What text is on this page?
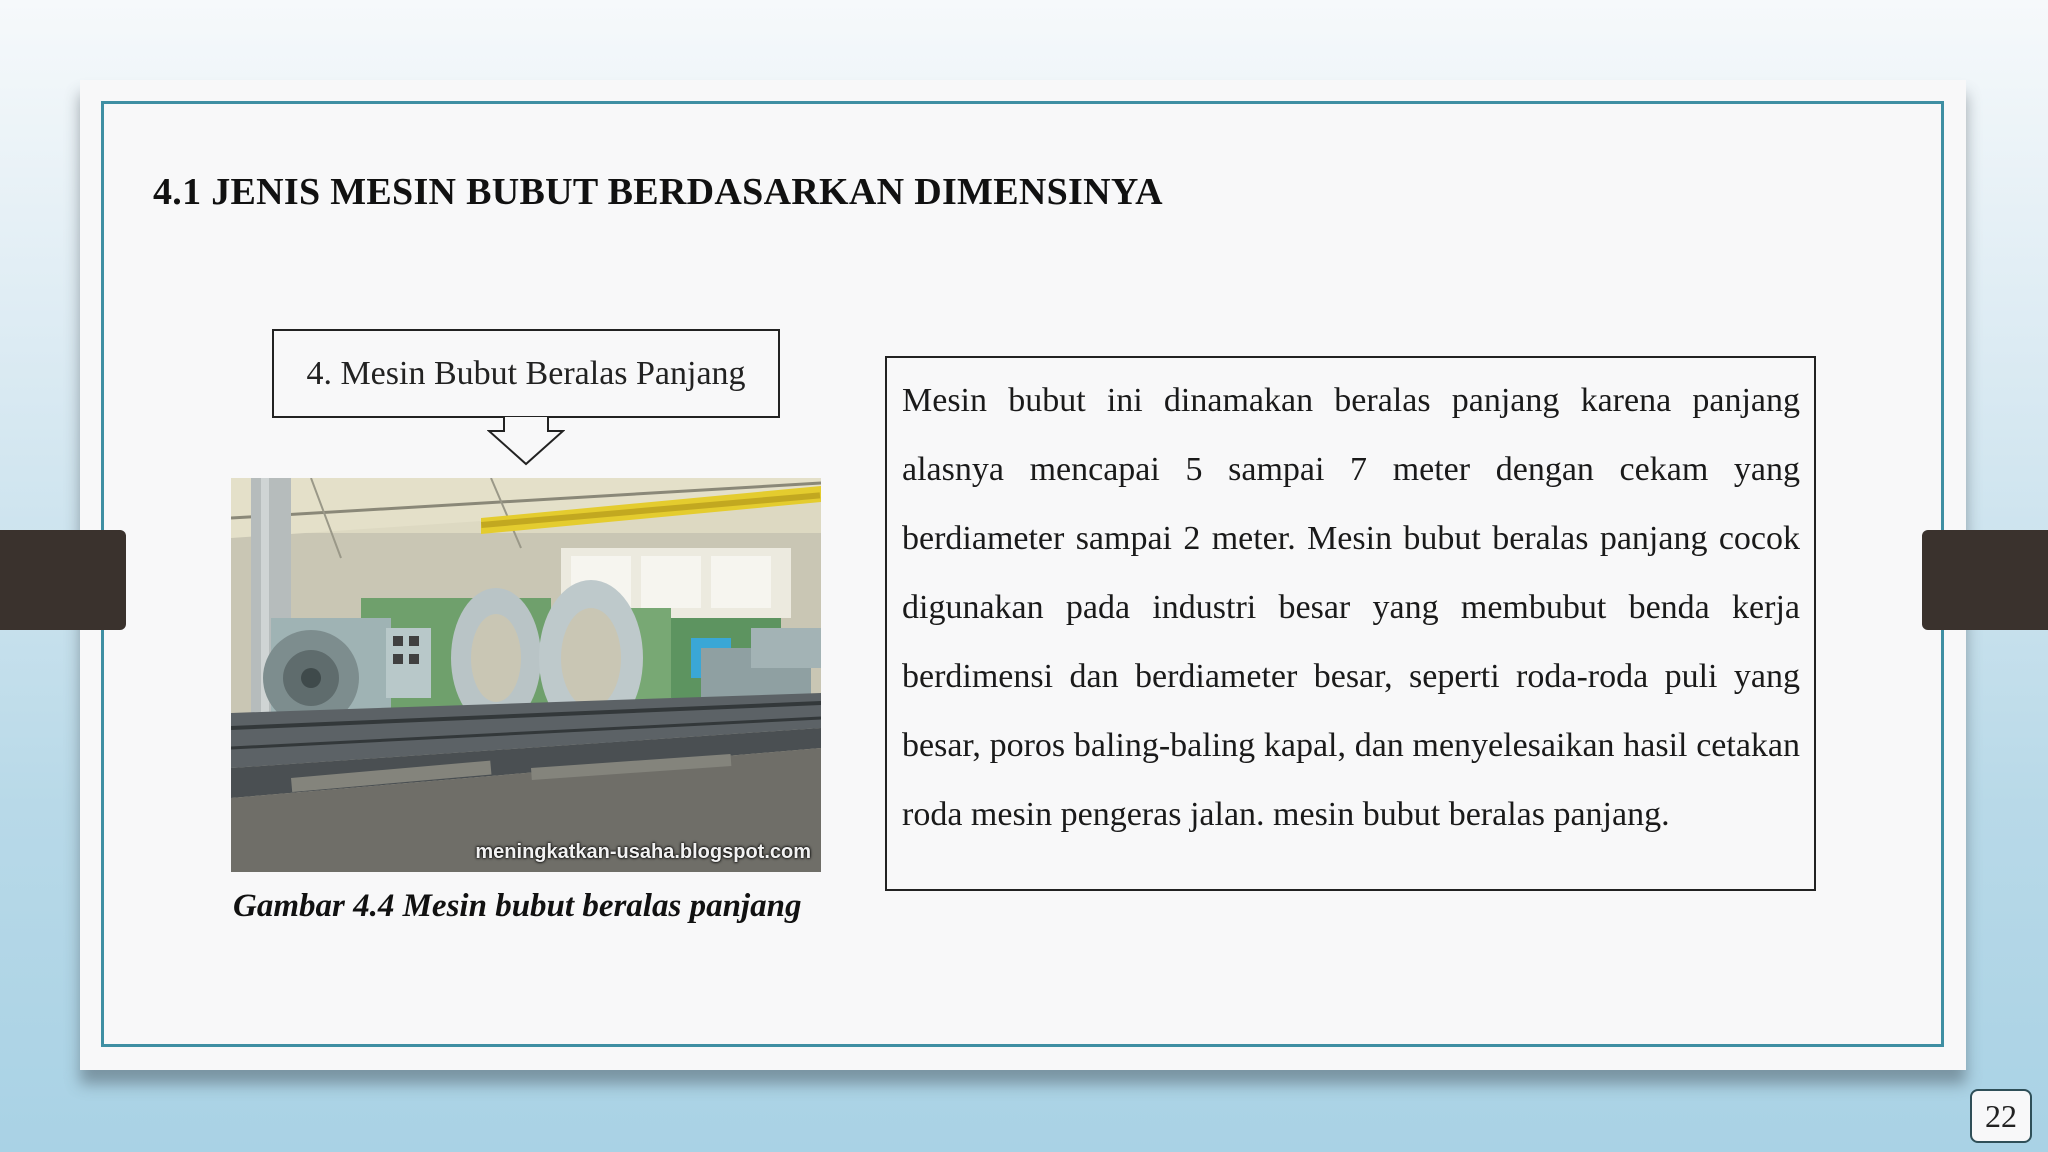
4.1 JENIS MESIN BUBUT BERDASARKAN DIMENSINYA
4. Mesin Bubut Beralas Panjang
meningkatkan-usaha.blogspot.com

Gambar 4.4 Mesin bubut beralas panjang

Mesin bubut ini dinamakan beralas panjang karena panjang alasnya mencapai 5 sampai 7 meter dengan cekam yang berdiameter sampai 2 meter. Mesin bubut beralas panjang cocok digunakan pada industri besar yang membubut benda kerja berdimensi dan berdiameter besar, seperti roda-roda puli yang besar, poros baling-baling kapal, dan menyelesaikan hasil cetakan roda mesin pengeras jalan. mesin bubut beralas panjang.

22
